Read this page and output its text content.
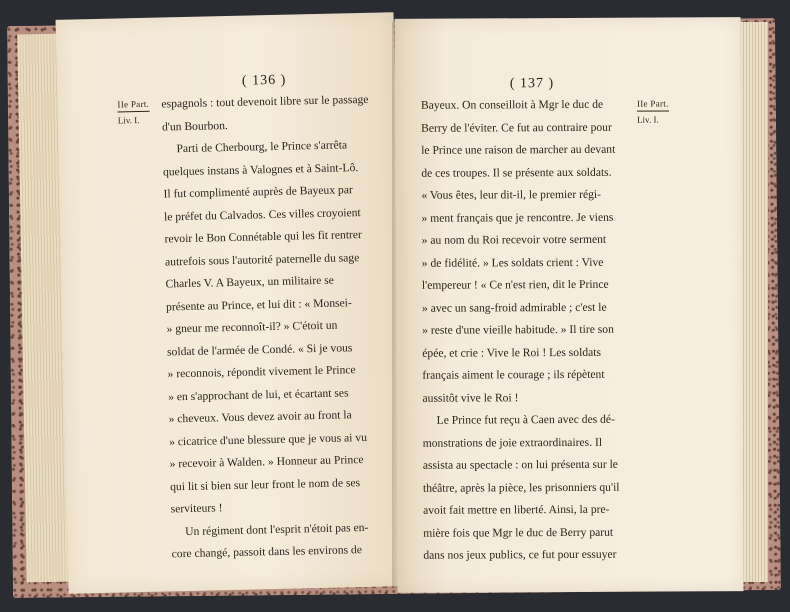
( 136 )
IIe Part.
Liv. I.
espagnols : tout devenoit libre sur le passage
d'un Bourbon.
Parti de Cherbourg, le Prince s'arrêta
quelques instans à Valognes et à Saint-Lô.
Il fut complimenté auprès de Bayeux par
le préfet du Calvados. Ces villes croyoient
revoir le Bon Connétable qui les fit rentrer
autrefois sous l'autorité paternelle du sage
Charles V. A Bayeux, un militaire se
présente au Prince, et lui dit : « Monsei-
» gneur me reconnoît-il? » C'étoit un
soldat de l'armée de Condé. « Si je vous
» reconnois, répondit vivement le Prince
» en s'approchant de lui, et écartant ses
» cheveux. Vous devez avoir au front la
» cicatrice d'une blessure que je vous ai vu
» recevoir à Walden. » Honneur au Prince
qui lit si bien sur leur front le nom de ses
serviteurs !
Un régiment dont l'esprit n'étoit pas en-
core changé, passoit dans les environs de
( 137 )
IIe Part.
Liv. I.
Bayeux. On conseilloit à Mgr le duc de
Berry de l'éviter. Ce fut au contraire pour
le Prince une raison de marcher au devant
de ces troupes. Il se présente aux soldats.
« Vous êtes, leur dit-il, le premier régi-
» ment français que je rencontre. Je viens
» au nom du Roi recevoir votre serment
» de fidélité. » Les soldats crient : Vive
l'empereur ! « Ce n'est rien, dit le Prince
» avec un sang-froid admirable ; c'est le
» reste d'une vieille habitude. » Il tire son
épée, et crie : Vive le Roi ! Les soldats
français aiment le courage ; ils répètent
aussitôt vive le Roi !
Le Prince fut reçu à Caen avec des dé-
monstrations de joie extraordinaires. Il
assista au spectacle : on lui présenta sur le
théâtre, après la pièce, les prisonniers qu'il
avoit fait mettre en liberté. Ainsi, la pre-
mière fois que Mgr le duc de Berry parut
dans nos jeux publics, ce fut pour essuyer
